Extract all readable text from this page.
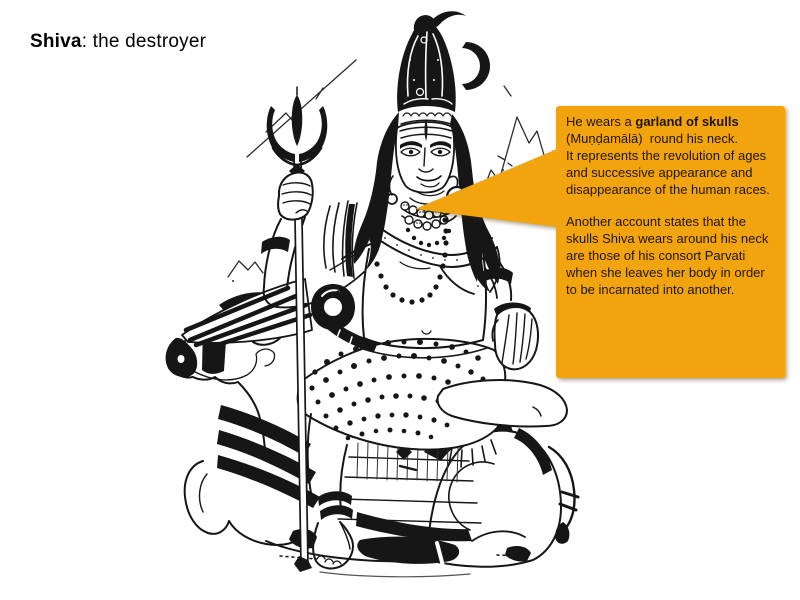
Shiva: the destroyer

He wears a garland of skulls
(Muṇḍamālā)  round his neck.
It represents the revolution of ages and successive appearance and disappearance of the human races.

Another account states that the skulls Shiva wears around his neck are those of his consort Parvati when she leaves her body in order to be incarnated into another.
